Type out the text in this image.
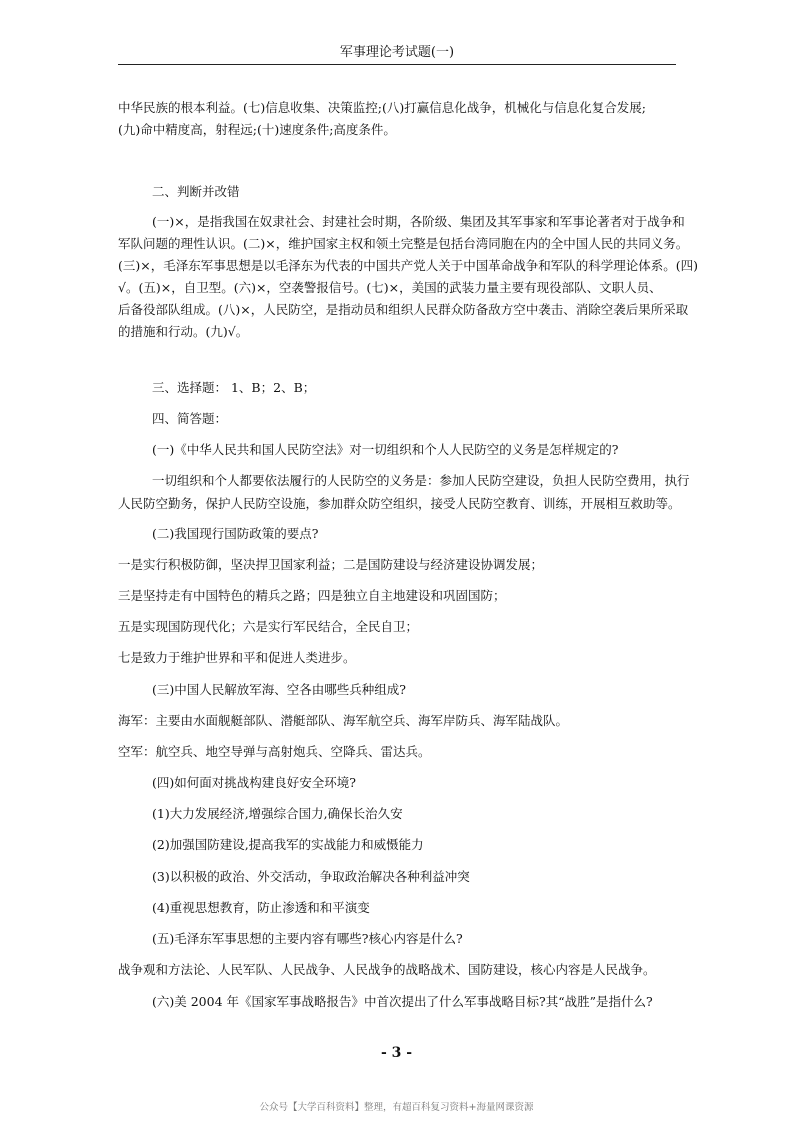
军事理论考试题(一)
中华民族的根本利益。(七)信息收集、决策监控;(八)打赢信息化战争，机械化与信息化复合发展;
(九)命中精度高，射程远;(十)速度条件;高度条件。
二、判断并改错
(一)×，是指我国在奴隶社会、封建社会时期，各阶级、集团及其军事家和军事论著者对于战争和
军队问题的理性认识。(二)×，维护国家主权和领土完整是包括台湾同胞在内的全中国人民的共同义务。
(三)×，毛泽东军事思想是以毛泽东为代表的中国共产党人关于中国革命战争和军队的科学理论体系。(四)
√。(五)×，自卫型。(六)×，空袭警报信号。(七)×，美国的武装力量主要有现役部队、文职人员、
后备役部队组成。(八)×，人民防空，是指动员和组织人民群众防备敌方空中袭击、消除空袭后果所采取
的措施和行动。(九)√。
三、选择题： 1、B；2、B；
四、简答题：
(一)《中华人民共和国人民防空法》对一切组织和个人人民防空的义务是怎样规定的?
一切组织和个人都要依法履行的人民防空的义务是：参加人民防空建设，负担人民防空费用，执行
人民防空勤务，保护人民防空设施，参加群众防空组织，接受人民防空教育、训练，开展相互救助等。
(二)我国现行国防政策的要点?
一是实行积极防御，坚决捍卫国家利益；二是国防建设与经济建设协调发展；
三是坚持走有中国特色的精兵之路；四是独立自主地建设和巩固国防；
五是实现国防现代化；六是实行军民结合，全民自卫；
七是致力于维护世界和平和促进人类进步。
(三)中国人民解放军海、空各由哪些兵种组成?
海军：主要由水面舰艇部队、潜艇部队、海军航空兵、海军岸防兵、海军陆战队。
空军：航空兵、地空导弹与高射炮兵、空降兵、雷达兵。
(四)如何面对挑战构建良好安全环境?
(1)大力发展经济,增强综合国力,确保长治久安
(2)加强国防建设,提高我军的实战能力和威慑能力
(3)以积极的政治、外交活动，争取政治解决各种利益冲突
(4)重视思想教育，防止渗透和和平演变
(五)毛泽东军事思想的主要内容有哪些?核心内容是什么?
战争观和方法论、人民军队、人民战争、人民战争的战略战术、国防建设，核心内容是人民战争。
(六)美 2004 年《国家军事战略报告》中首次提出了什么军事战略目标?其“战胜”是指什么?
- 3 -
公众号【大学百科资料】整理，有超百科复习资料+海量网课资源
